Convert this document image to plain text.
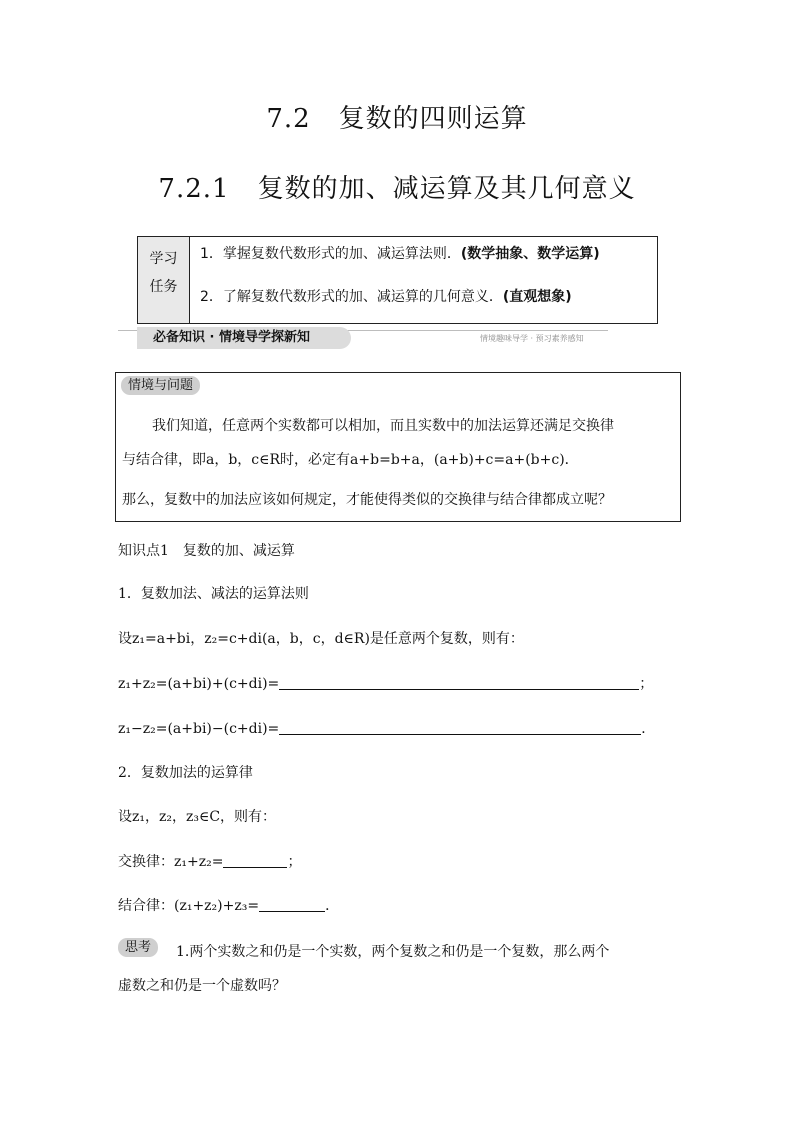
7.2 复数的四则运算
7.2.1 复数的加、减运算及其几何意义
学习
任务
1．掌握复数代数形式的加、减运算法则．(数学抽象、数学运算)
2．了解复数代数形式的加、减运算的几何意义．(直观想象)
必备知识 · 情境导学探新知	情境趣味导学 · 预习素养感知
情境与问题

我们知道，任意两个实数都可以相加，而且实数中的加法运算还满足交换律

与结合律，即a，b，c∈R时，必定有a+b=b+a，(a+b)+c=a+(b+c)．

那么，复数中的加法应该如何规定，才能使得类似的交换律与结合律都成立呢？

知识点1　复数的加、减运算
1．复数加法、减法的运算法则
设z₁=a+bi，z₂=c+di(a，b，c，d∈R)是任意两个复数，则有：
z₁+z₂=(a+bi)+(c+di)=	；
z₁−z₂=(a+bi)−(c+di)=	．
2．复数加法的运算律
设z₁，z₂，z₃∈C，则有：
交换律：z₁+z₂=	；
结合律：(z₁+z₂)+z₃=	．
思考	1.两个实数之和仍是一个实数，两个复数之和仍是一个复数，那么两个
虚数之和仍是一个虚数吗？
